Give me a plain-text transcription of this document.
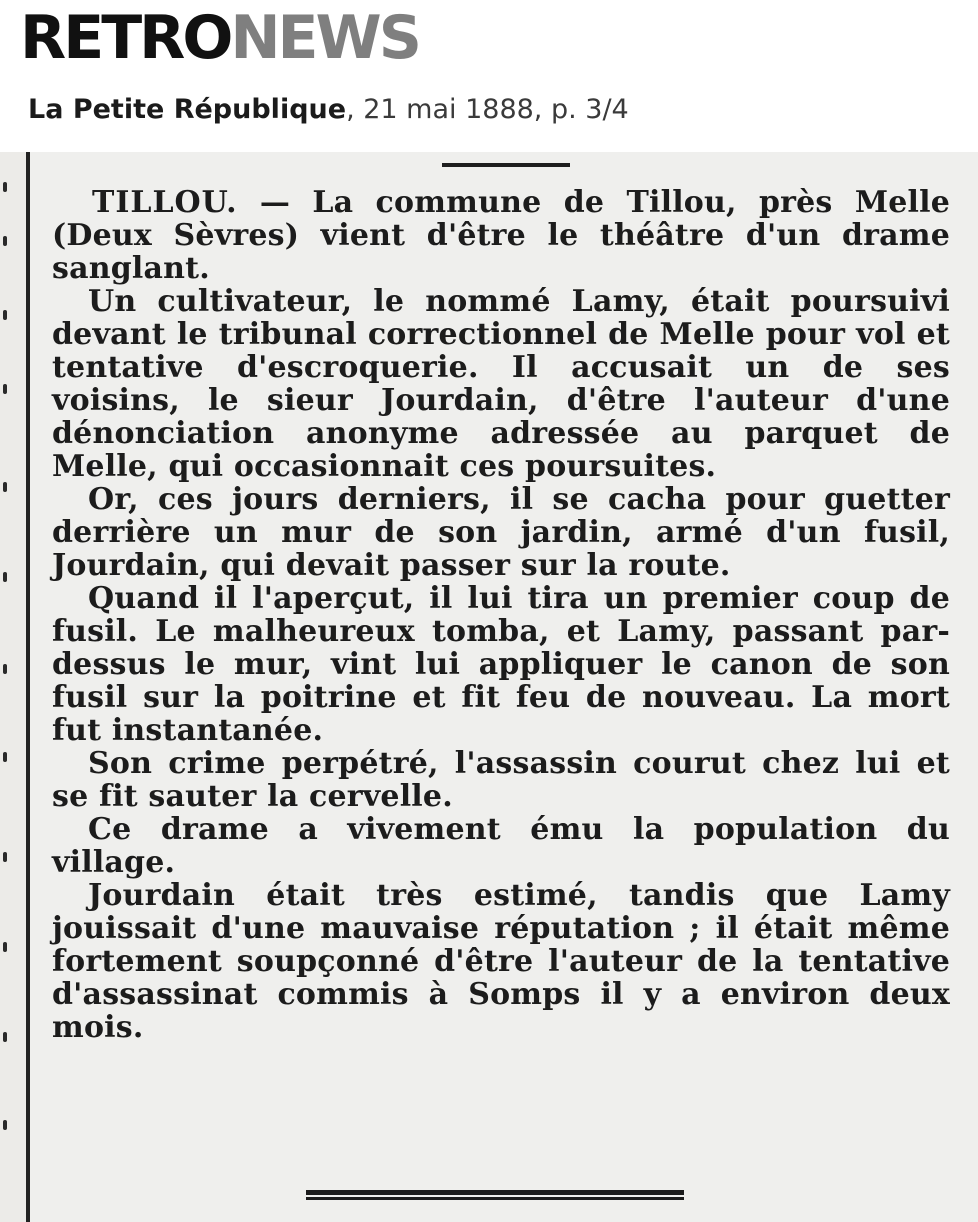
RETRONEWS
La Petite République, 21 mai 1888, p. 3/4

TILLOU. — La commune de Tillou, près Melle (Deux Sèvres) vient d'être le théâtre d'un drame sanglant.

Un cultivateur, le nommé Lamy, était poursuivi devant le tribunal correctionnel de Melle pour vol et tentative d'escroquerie. Il accusait un de ses voisins, le sieur Jourdain, d'être l'auteur d'une dénonciation anonyme adressée au parquet de Melle, qui occasionnait ces poursuites.

Or, ces jours derniers, il se cacha pour guetter derrière un mur de son jardin, armé d'un fusil, Jourdain, qui devait passer sur la route.

Quand il l'aperçut, il lui tira un premier coup de fusil. Le malheureux tomba, et Lamy, passant par-dessus le mur, vint lui appliquer le canon de son fusil sur la poitrine et fit feu de nouveau. La mort fut instantanée.

Son crime perpétré, l'assassin courut chez lui et se fit sauter la cervelle.

Ce drame a vivement ému la population du village.

Jourdain était très estimé, tandis que Lamy jouissait d'une mauvaise réputation ; il était même fortement soupçonné d'être l'auteur de la tentative d'assassinat commis à Somps il y a environ deux mois.
